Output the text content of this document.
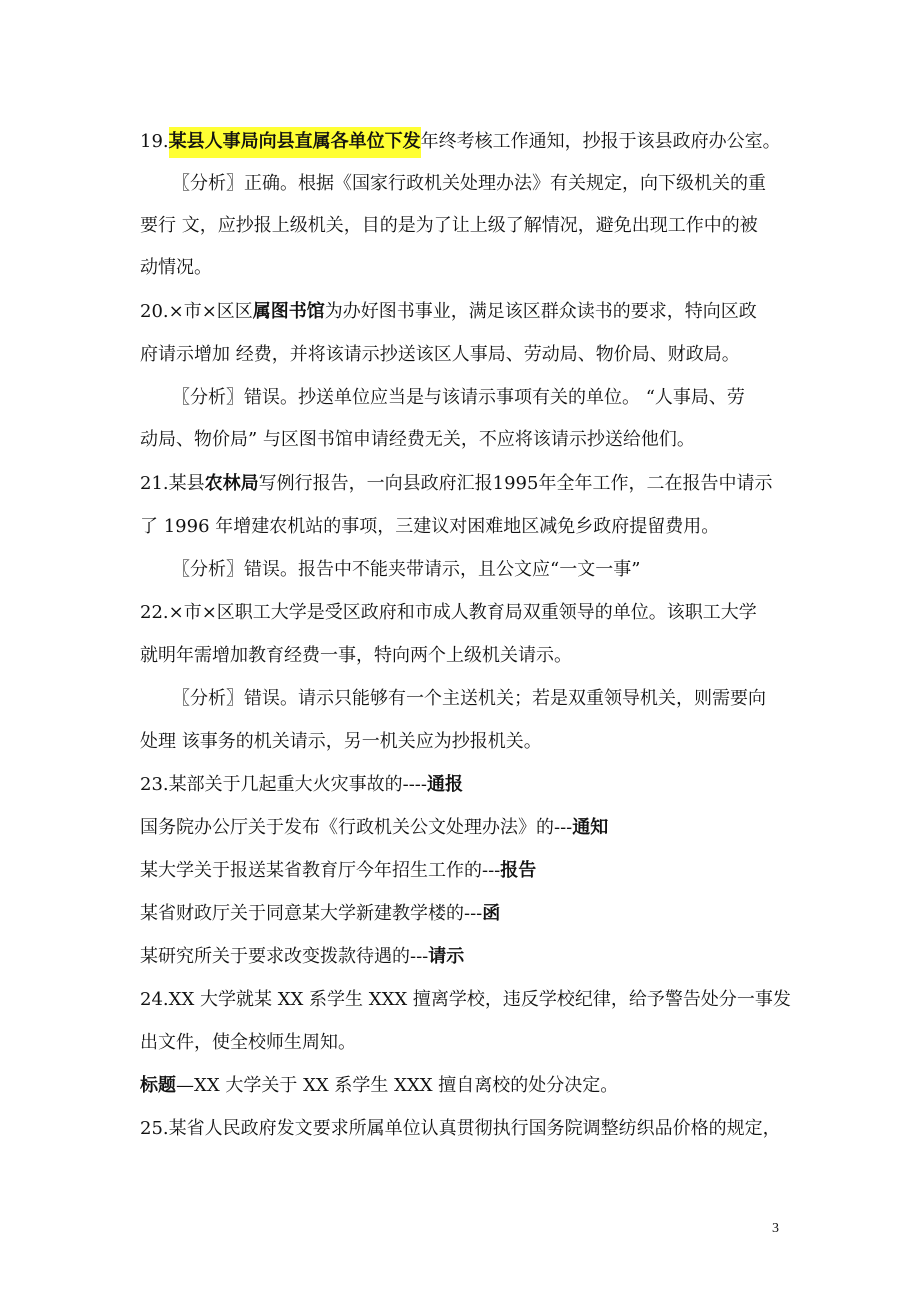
19.某县人事局向县直属各单位下发年终考核工作通知，抄报于该县政府办公室。
〖分析〗正确。根据《国家行政机关处理办法》有关规定，向下级机关的重
要行 文，应抄报上级机关，目的是为了让上级了解情况，避免出现工作中的被
动情况。
20.×市×区区属图书馆为办好图书事业，满足该区群众读书的要求，特向区政
府请示增加 经费，并将该请示抄送该区人事局、劳动局、物价局、财政局。
〖分析〗错误。抄送单位应当是与该请示事项有关的单位。 “人事局、劳
动局、物价局” 与区图书馆申请经费无关，不应将该请示抄送给他们。
21.某县农林局写例行报告，一向县政府汇报1995年全年工作，二在报告中请示
了 1996 年增建农机站的事项，三建议对困难地区减免乡政府提留费用。
〖分析〗错误。报告中不能夹带请示，且公文应“一文一事”
22.×市×区职工大学是受区政府和市成人教育局双重领导的单位。该职工大学
就明年需增加教育经费一事，特向两个上级机关请示。
〖分析〗错误。请示只能够有一个主送机关；若是双重领导机关，则需要向
处理 该事务的机关请示，另一机关应为抄报机关。
23.某部关于几起重大火灾事故的----通报
国务院办公厅关于发布《行政机关公文处理办法》的---通知
某大学关于报送某省教育厅今年招生工作的---报告
某省财政厅关于同意某大学新建教学楼的---函
某研究所关于要求改变拨款待遇的---请示
24.XX 大学就某 XX 系学生 XXX 擅离学校，违反学校纪律，给予警告处分一事发
出文件，使全校师生周知。
标题—XX 大学关于 XX 系学生 XXX 擅自离校的处分决定。
25.某省人民政府发文要求所属单位认真贯彻执行国务院调整纺织品价格的规定，
3
